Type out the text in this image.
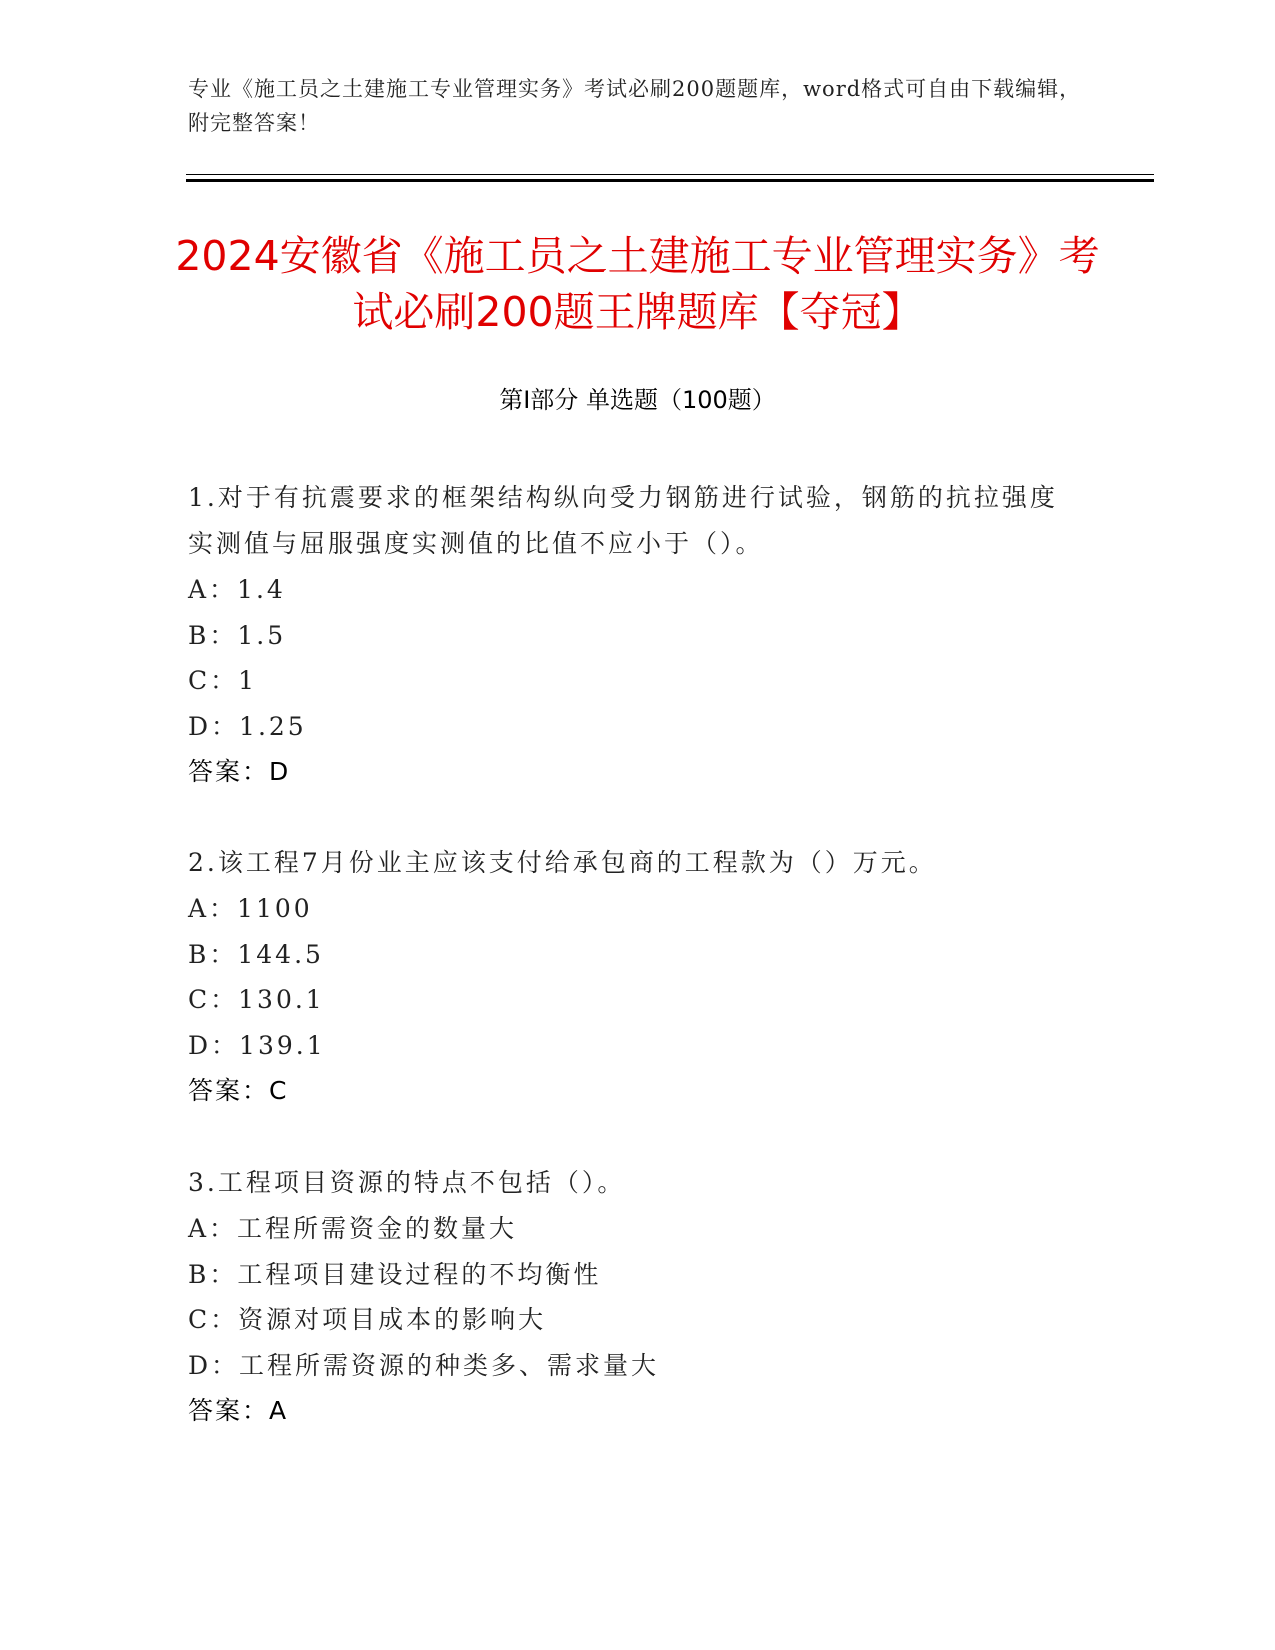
专业《施工员之土建施工专业管理实务》考试必刷200题题库，word格式可自由下载编辑，附完整答案！
2024安徽省《施工员之土建施工专业管理实务》考试必刷200题王牌题库【夺冠】
第I部分 单选题（100题）

1.对于有抗震要求的框架结构纵向受力钢筋进行试验，钢筋的抗拉强度实测值与屈服强度实测值的比值不应小于（）。

A：1.4

B：1.5

C：1

D：1.25

答案：D

2.该工程7月份业主应该支付给承包商的工程款为（）万元。

A：1100

B：144.5

C：130.1

D：139.1

答案：C

3.工程项目资源的特点不包括（）。

A：工程所需资金的数量大

B：工程项目建设过程的不均衡性

C：资源对项目成本的影响大

D：工程所需资源的种类多、需求量大

答案：A
